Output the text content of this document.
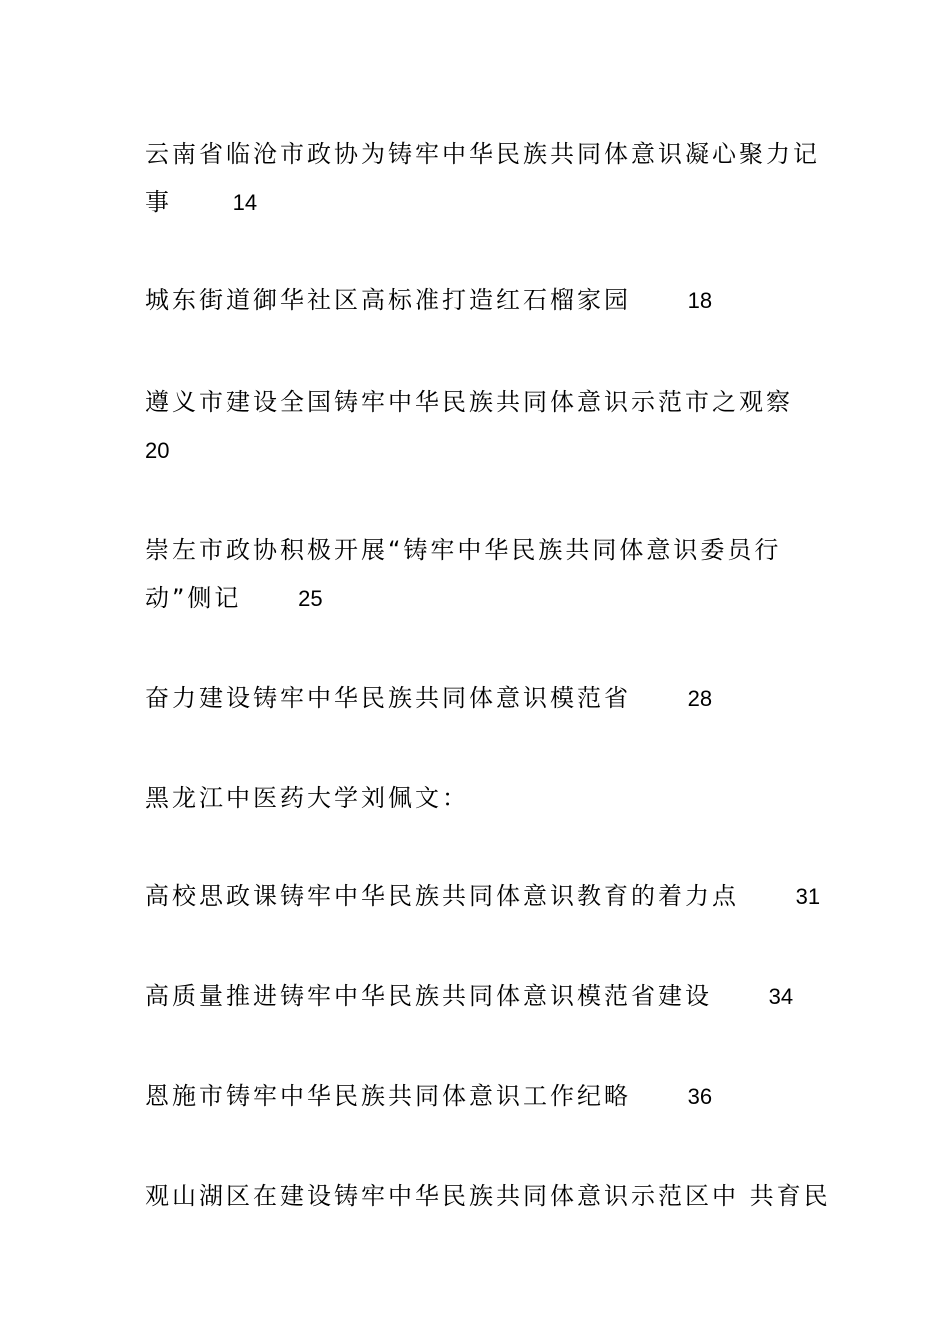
云南省临沧市政协为铸牢中华民族共同体意识凝心聚力记
事	14
城东街道御华社区高标准打造红石榴家园	18
遵义市建设全国铸牢中华民族共同体意识示范市之观察
20
崇左市政协积极开展“铸牢中华民族共同体意识委员行
动”侧记	25
奋力建设铸牢中华民族共同体意识模范省	28
黑龙江中医药大学刘佩文：
高校思政课铸牢中华民族共同体意识教育的着力点	31
高质量推进铸牢中华民族共同体意识模范省建设	34
恩施市铸牢中华民族共同体意识工作纪略	36
观山湖区在建设铸牢中华民族共同体意识示范区中 共育民
